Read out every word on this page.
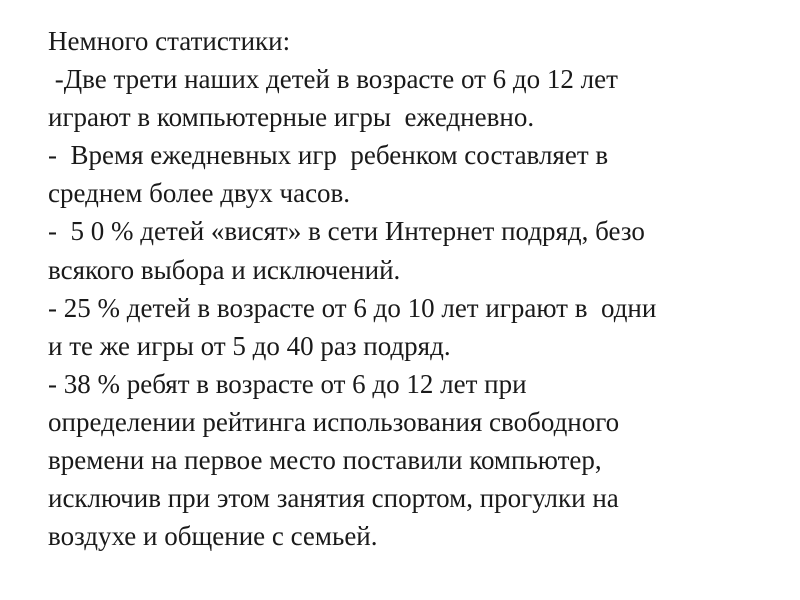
Немного статистики:
-Две трети наших детей в возрасте от 6 до 12 лет
играют в компьютерные игры  ежедневно.
-  Время ежедневных игр  ребенком составляет в
среднем более двух часов.
-  5 0 % детей «висят» в сети Интернет подряд, безо
всякого выбора и исключений.
- 25 % детей в возрасте от 6 до 10 лет играют в  одни
и те же игры от 5 до 40 раз подряд.
- 38 % ребят в возрасте от 6 до 12 лет при
определении рейтинга использования свободного
времени на первое место поставили компьютер,
исключив при этом занятия спортом, прогулки на
воздухе и общение с семьей.
